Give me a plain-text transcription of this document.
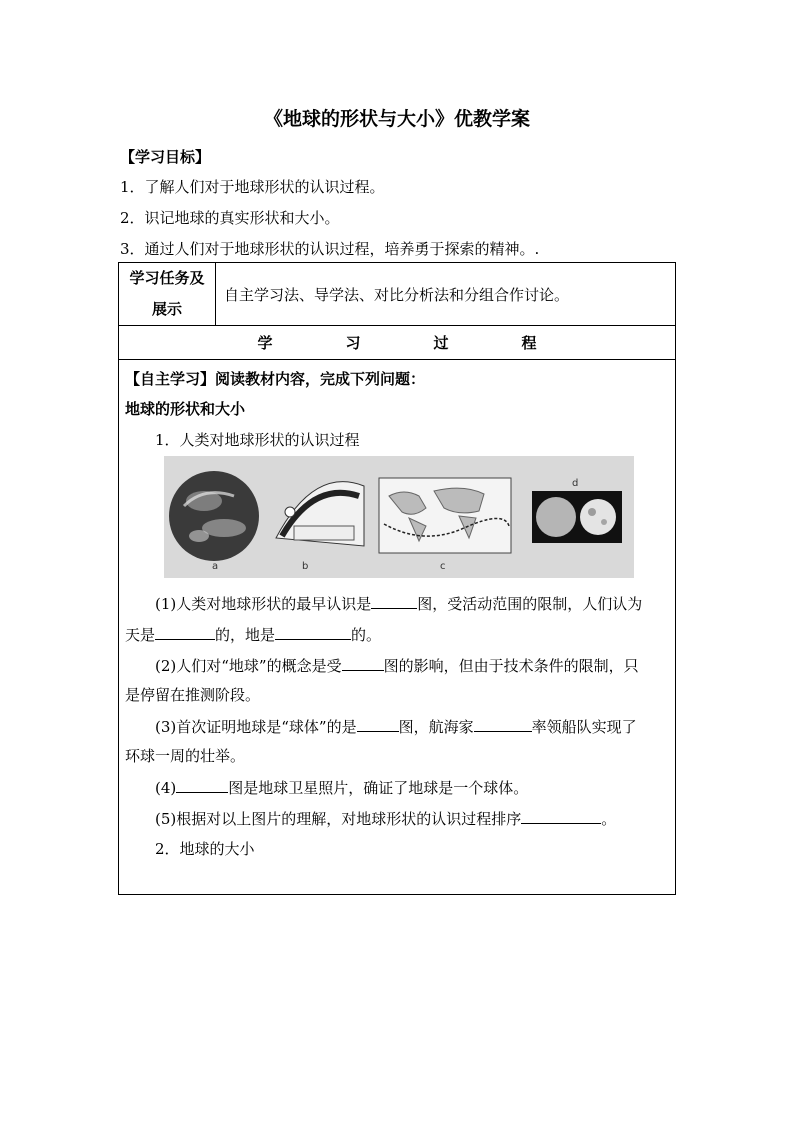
《地球的形状与大小》优教学案
【学习目标】
1．了解人们对于地球形状的认识过程。
2．识记地球的真实形状和大小。
3．通过人们对于地球形状的认识过程，培养勇于探索的精神。.
学习任务及
展示
	自主学习法、导学法、对比分析法和分组合作讨论。

学	习	过	程

【自主学习】阅读教材内容，完成下列问题：
地球的形状和大小
1．人类对地球形状的认识过程
a	b	c
d
(1)人类对地球形状的最早认识是	图，受活动范围的限制，人们认为
天是	的，地是	的。
(2)人们对“地球”的概念是受	图的影响，但由于技术条件的限制，只
是停留在推测阶段。
(3)首次证明地球是“球体”的是	图，航海家	率领船队实现了
环球一周的壮举。
(4)	图是地球卫星照片，确证了地球是一个球体。
(5)根据对以上图片的理解，对地球形状的认识过程排序	。
2．地球的大小
